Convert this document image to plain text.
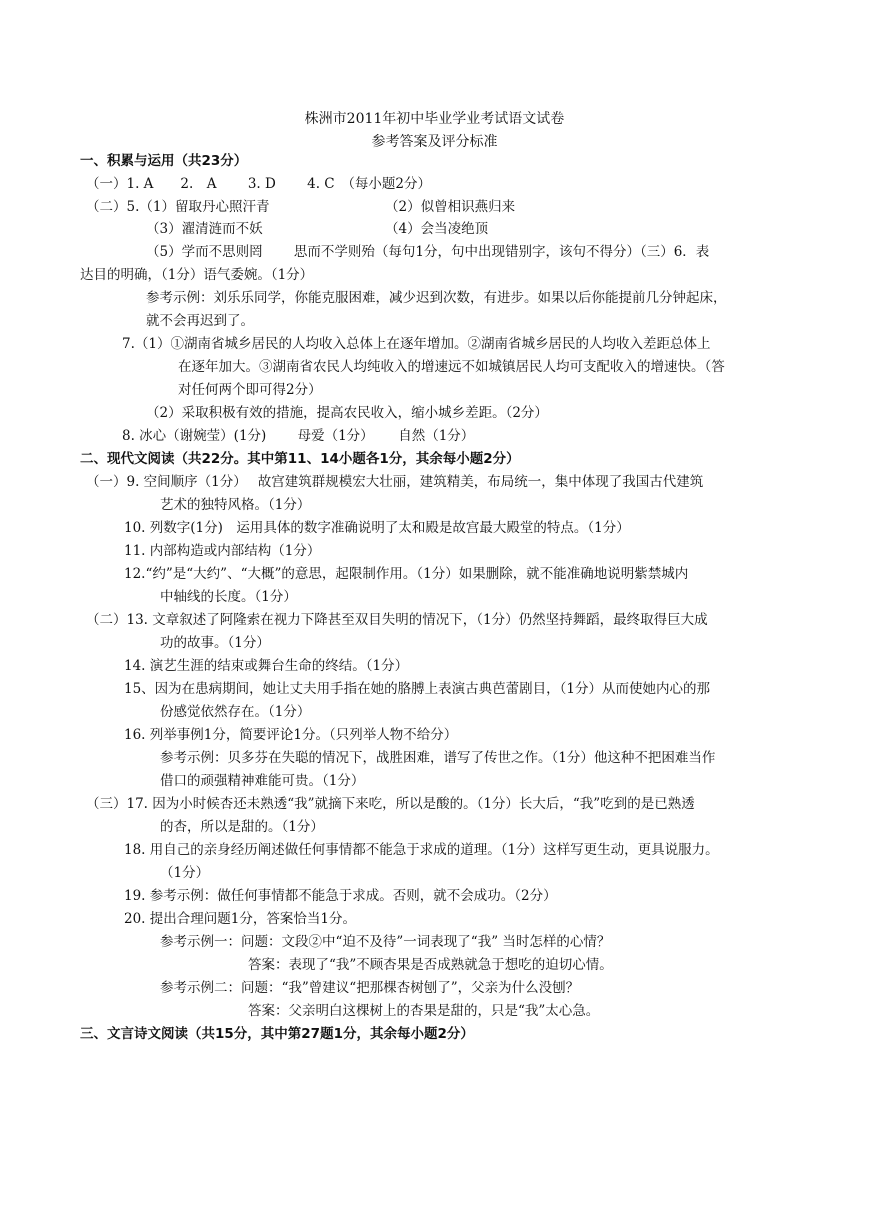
株洲市2011年初中毕业学业考试语文试卷
参考答案及评分标准
一、积累与运用（共23分）
（一）1. A　　2.　A　　 3. D　　 4. C　（每小题2分）
（二）5.（1）留取丹心照汗青	（2）似曾相识燕归来
（3）濯清涟而不妖	（4）会当凌绝顶
（5）学而不思则罔　　 思而不学则殆（每句1分，句中出现错别字，该句不得分）（三）6．表
达目的明确，（1分）语气委婉。（1分）
参考示例：刘乐乐同学，你能克服困难，减少迟到次数，有进步。如果以后你能提前几分钟起床，
就不会再迟到了。
7.（1）①湖南省城乡居民的人均收入总体上在逐年增加。②湖南省城乡居民的人均收入差距总体上
在逐年加大。③湖南省农民人均纯收入的增速远不如城镇居民人均可支配收入的增速快。（答
对任何两个即可得2分）
（2）采取积极有效的措施，提高农民收入，缩小城乡差距。（2分）
8. 冰心（谢婉莹）(1分)　　 母爱（1分）　　 自然（1分）
二、现代文阅读（共22分。其中第11、14小题各1分，其余每小题2分）
（一）9. 空间顺序（1分）　 故宫建筑群规模宏大壮丽，建筑精美，布局统一，集中体现了我国古代建筑
艺术的独特风格。（1分）
10. 列数字(1分)　运用具体的数字准确说明了太和殿是故宫最大殿堂的特点。（1分）
11. 内部构造或内部结构（1分）
12.“约”是“大约”、“大概”的意思，起限制作用。（1分）如果删除，就不能准确地说明紫禁城内
中轴线的长度。（1分）
（二）13. 文章叙述了阿隆索在视力下降甚至双目失明的情况下，（1分）仍然坚持舞蹈，最终取得巨大成
功的故事。（1分）
14. 演艺生涯的结束或舞台生命的终结。（1分）
15、因为在患病期间，她让丈夫用手指在她的胳膊上表演古典芭蕾剧目，（1分）从而使她内心的那
份感觉依然存在。（1分）
16. 列举事例1分，简要评论1分。（只列举人物不给分）
参考示例：贝多芬在失聪的情况下，战胜困难，谱写了传世之作。（1分）他这种不把困难当作
借口的顽强精神难能可贵。（1分）
（三）17. 因为小时候杏还未熟透“我”就摘下来吃，所以是酸的。（1分）长大后，“我”吃到的是已熟透
的杏，所以是甜的。（1分）
18. 用自己的亲身经历阐述做任何事情都不能急于求成的道理。（1分）这样写更生动，更具说服力。
（1分）
19. 参考示例：做任何事情都不能急于求成。否则，就不会成功。（2分）
20. 提出合理问题1分，答案恰当1分。
参考示例一：问题：文段②中“迫不及待”一词表现了“我” 当时怎样的心情？
答案：表现了“我”不顾杏果是否成熟就急于想吃的迫切心情。
参考示例二：问题：“我”曾建议“把那棵杏树刨了”，父亲为什么没刨？
答案：父亲明白这棵树上的杏果是甜的，只是“我”太心急。
三、文言诗文阅读（共15分，其中第27题1分，其余每小题2分）
